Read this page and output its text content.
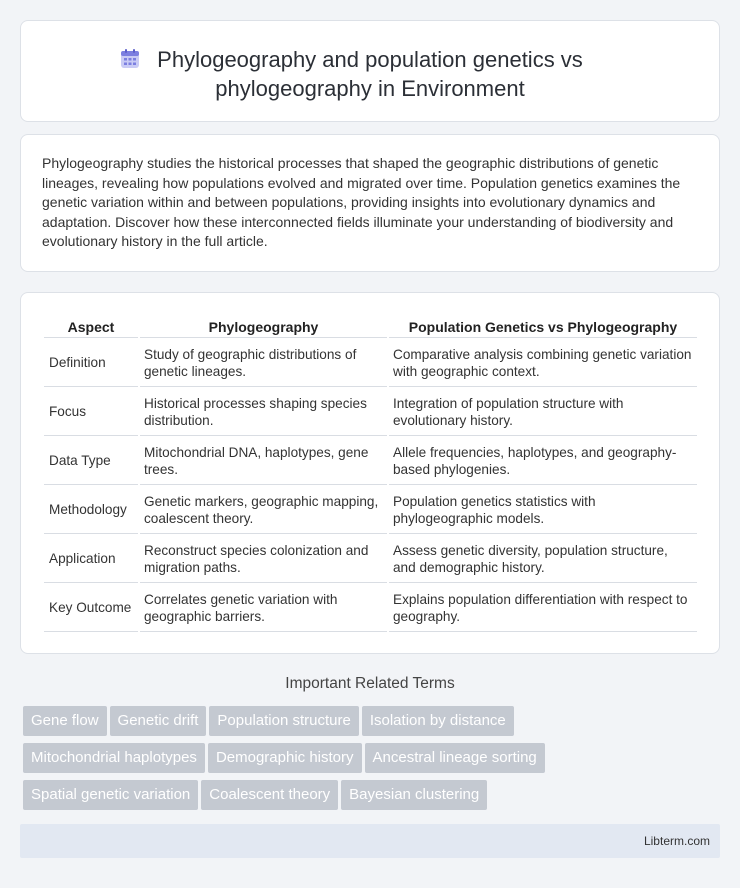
Phylogeography and population genetics vs
phylogeography in Environment

Phylogeography studies the historical processes that shaped the geographic distributions of genetic lineages, revealing how populations evolved and migrated over time. Population genetics examines the genetic variation within and between populations, providing insights into evolutionary dynamics and adaptation. Discover how these interconnected fields illuminate your understanding of biodiversity and evolutionary history in the full article.

Aspect	Phylogeography	Population Genetics vs Phylogeography
Definition	Study of geographic distributions of genetic lineages.	Comparative analysis combining genetic variation with geographic context.
Focus	Historical processes shaping species distribution.	Integration of population structure with evolutionary history.
Data Type	Mitochondrial DNA, haplotypes, gene trees.	Allele frequencies, haplotypes, and geography-based phylogenies.
Methodology	Genetic markers, geographic mapping, coalescent theory.	Population genetics statistics with phylogeographic models.
Application	Reconstruct species colonization and migration paths.	Assess genetic diversity, population structure, and demographic history.
Key Outcome	Correlates genetic variation with geographic barriers.	Explains population differentiation with respect to geography.
Important Related Terms
Gene flow Genetic drift Population structure Isolation by distance
Mitochondrial haplotypes Demographic history Ancestral lineage sorting
Spatial genetic variation Coalescent theory Bayesian clustering
Libterm.com
